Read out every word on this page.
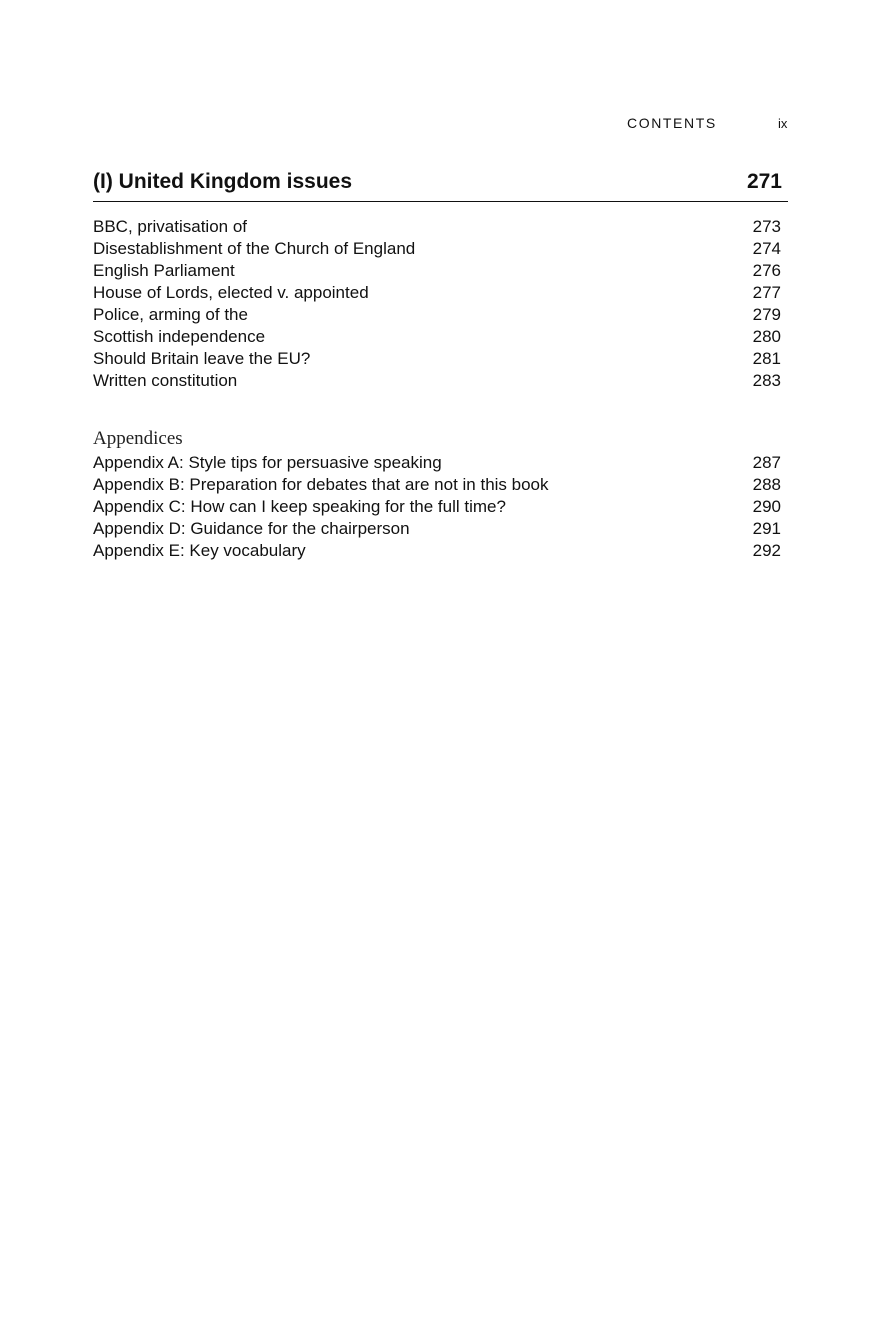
CONTENTS	ix
(I) United Kingdom issues	271
BBC, privatisation of	273
Disestablishment of the Church of England	274
English Parliament	276
House of Lords, elected v. appointed	277
Police, arming of the	279
Scottish independence	280
Should Britain leave the EU?	281
Written constitution	283
Appendices
Appendix A: Style tips for persuasive speaking	287
Appendix B: Preparation for debates that are not in this book	288
Appendix C: How can I keep speaking for the full time?	290
Appendix D: Guidance for the chairperson	291
Appendix E: Key vocabulary	292
